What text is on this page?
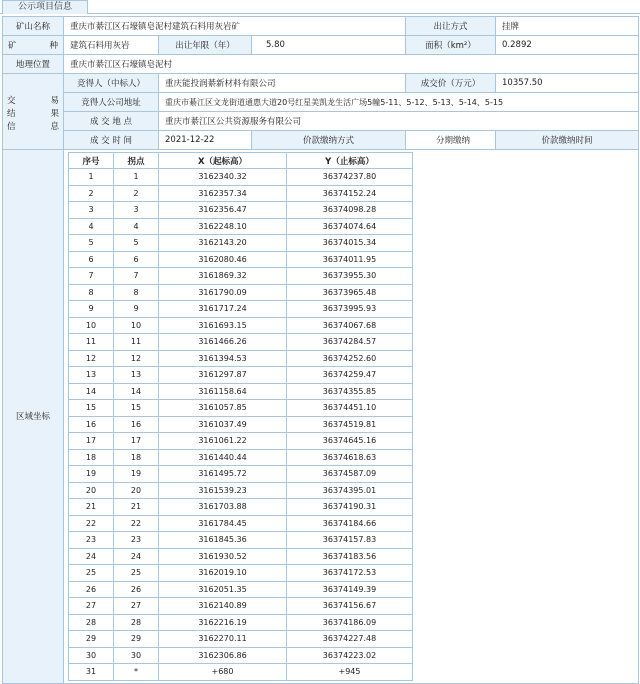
公示项目信息
矿山名称	重庆市綦江区石壕镇皂泥村建筑石料用灰岩矿	出让方式	挂牌

矿	种	建筑石料用灰岩	出让年限（年）	5.80	面积（km²）	0.2892
地理位置	重庆市綦江区石壕镇皂泥村

交	易
结	果
信	息
	竞得人（中标人）	重庆能投润綦新材料有限公司	成交价（万元）	10357.50
竞得人公司地址	重庆市綦江区文龙街道通惠大道20号红星美凯龙生活广场5幢5-11、5-12、5-13、5-14、5-15
成 交 地 点	重庆市綦江区公共资源服务有限公司
成 交 时 间	2021-12-22	价款缴纳方式	分期缴纳	价款缴纳时间
区域坐标	
序号	拐点	X（起标高）	Y（止标高）
1	1	3162340.32	36374237.80
2	2	3162357.34	36374152.24
3	3	3162356.47	36374098.28
4	4	3162248.10	36374074.64
5	5	3162143.20	36374015.34
6	6	3162080.46	36374011.95
7	7	3161869.32	36373955.30
8	8	3161790.09	36373965.48
9	9	3161717.24	36373995.93
10	10	3161693.15	36374067.68
11	11	3161466.26	36374284.57
12	12	3161394.53	36374252.60
13	13	3161297.87	36374259.47
14	14	3161158.64	36374355.85
15	15	3161057.85	36374451.10
16	16	3161037.49	36374519.81
17	17	3161061.22	36374645.16
18	18	3161440.44	36374618.63
19	19	3161495.72	36374587.09
20	20	3161539.23	36374395.01
21	21	3161703.88	36374190.31
22	22	3161784.45	36374184.66
23	23	3161845.36	36374157.83
24	24	3161930.52	36374183.56
25	25	3162019.10	36374172.53
26	26	3162051.35	36374149.39
27	27	3162140.89	36374156.67
28	28	3162216.19	36374186.09
29	29	3162270.11	36374227.48
30	30	3162306.86	36374223.02
31	*	+680	+945
